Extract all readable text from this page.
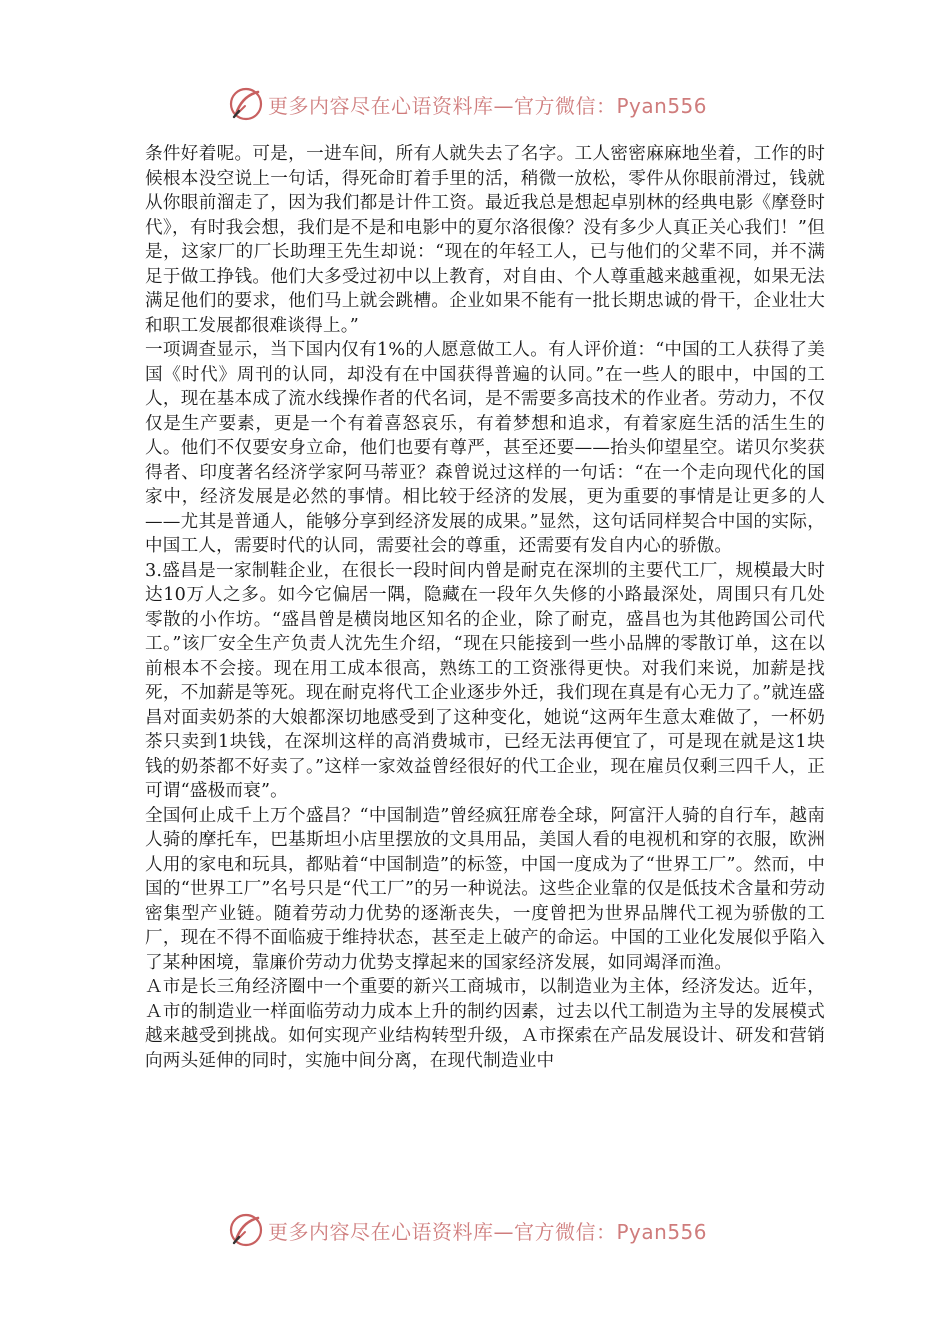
更多内容尽在心语资料库—官方微信：Pyan556

条件好着呢。可是，一进车间，所有人就失去了名字。工人密密麻麻地坐着，工作的时候根本没空说上一句话，得死命盯着手里的活，稍微一放松，零件从你眼前滑过，钱就从你眼前溜走了，因为我们都是计件工资。最近我总是想起卓别林的经典电影《摩登时代》，有时我会想，我们是不是和电影中的夏尔洛很像？没有多少人真正关心我们！”但是，这家厂的厂长助理王先生却说：“现在的年轻工人，已与他们的父辈不同，并不满足于做工挣钱。他们大多受过初中以上教育，对自由、个人尊重越来越重视，如果无法满足他们的要求，他们马上就会跳槽。企业如果不能有一批长期忠诚的骨干，企业壮大和职工发展都很难谈得上。”

一项调查显示，当下国内仅有1%的人愿意做工人。有人评价道：“中国的工人获得了美国《时代》周刊的认同，却没有在中国获得普遍的认同。”在一些人的眼中，中国的工人，现在基本成了流水线操作者的代名词，是不需要多高技术的作业者。劳动力，不仅仅是生产要素，更是一个有着喜怒哀乐，有着梦想和追求，有着家庭生活的活生生的人。他们不仅要安身立命，他们也要有尊严，甚至还要——抬头仰望星空。诺贝尔奖获得者、印度著名经济学家阿马蒂亚？森曾说过这样的一句话：“在一个走向现代化的国家中，经济发展是必然的事情。相比较于经济的发展，更为重要的事情是让更多的人——尤其是普通人，能够分享到经济发展的成果。”显然，这句话同样契合中国的实际，中国工人，需要时代的认同，需要社会的尊重，还需要有发自内心的骄傲。

3.盛昌是一家制鞋企业，在很长一段时间内曾是耐克在深圳的主要代工厂，规模最大时达10万人之多。如今它偏居一隅，隐藏在一段年久失修的小路最深处，周围只有几处零散的小作坊。“盛昌曾是横岗地区知名的企业，除了耐克，盛昌也为其他跨国公司代工。”该厂安全生产负责人沈先生介绍，“现在只能接到一些小品牌的零散订单，这在以前根本不会接。现在用工成本很高，熟练工的工资涨得更快。对我们来说，加薪是找死，不加薪是等死。现在耐克将代工企业逐步外迁，我们现在真是有心无力了。”就连盛昌对面卖奶茶的大娘都深切地感受到了这种变化，她说“这两年生意太难做了，一杯奶茶只卖到1块钱，在深圳这样的高消费城市，已经无法再便宜了，可是现在就是这1块钱的奶茶都不好卖了。”这样一家效益曾经很好的代工企业，现在雇员仅剩三四千人，正可谓“盛极而衰”。

全国何止成千上万个盛昌？“中国制造”曾经疯狂席卷全球，阿富汗人骑的自行车，越南人骑的摩托车，巴基斯坦小店里摆放的文具用品，美国人看的电视机和穿的衣服，欧洲人用的家电和玩具，都贴着“中国制造”的标签，中国一度成为了“世界工厂”。然而，中国的“世界工厂”名号只是“代工厂”的另一种说法。这些企业靠的仅是低技术含量和劳动密集型产业链。随着劳动力优势的逐渐丧失，一度曾把为世界品牌代工视为骄傲的工厂，现在不得不面临疲于维持状态，甚至走上破产的命运。中国的工业化发展似乎陷入了某种困境，靠廉价劳动力优势支撑起来的国家经济发展，如同竭泽而渔。

Ａ市是长三角经济圈中一个重要的新兴工商城市，以制造业为主体，经济发达。近年，Ａ市的制造业一样面临劳动力成本上升的制约因素，过去以代工制造为主导的发展模式越来越受到挑战。如何实现产业结构转型升级，Ａ市探索在产品发展设计、研发和营销向两头延伸的同时，实施中间分离，在现代制造业中

更多内容尽在心语资料库—官方微信：Pyan556
